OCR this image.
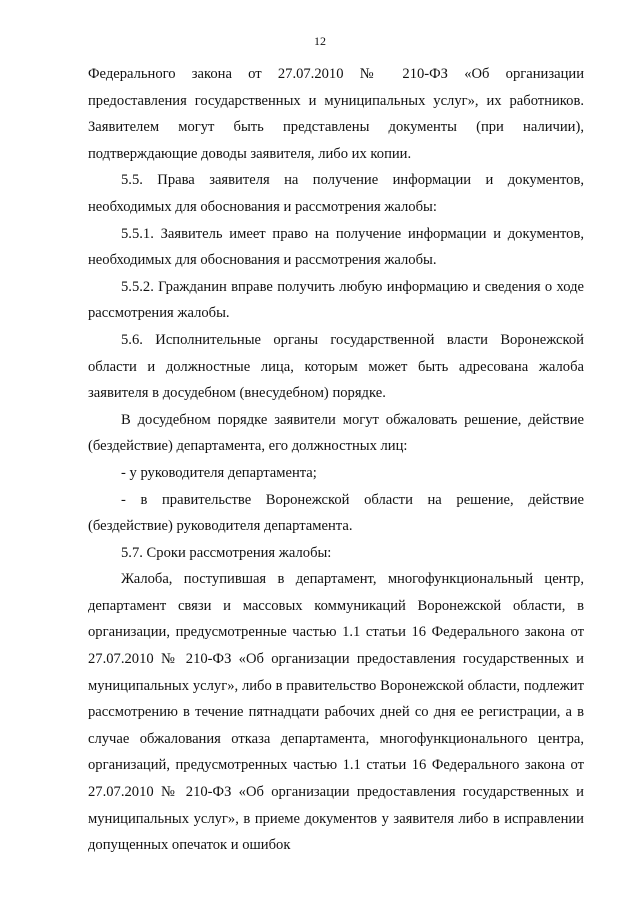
12

Федерального закона от 27.07.2010 № 210-ФЗ «Об организации предоставления государственных и муниципальных услуг», их работников. Заявителем могут быть представлены документы (при наличии), подтверждающие доводы заявителя, либо их копии.

5.5. Права заявителя на получение информации и документов, необходимых для обоснования и рассмотрения жалобы:

5.5.1. Заявитель имеет право на получение информации и документов, необходимых для обоснования и рассмотрения жалобы.

5.5.2. Гражданин вправе получить любую информацию и сведения о ходе рассмотрения жалобы.

5.6. Исполнительные органы государственной власти Воронежской области и должностные лица, которым может быть адресована жалоба заявителя в досудебном (внесудебном) порядке.

В досудебном порядке заявители могут обжаловать решение, действие (бездействие) департамента, его должностных лиц:

- у руководителя департамента;

- в правительстве Воронежской области на решение, действие (бездействие) руководителя департамента.

5.7. Сроки рассмотрения жалобы:

Жалоба, поступившая в департамент, многофункциональный центр, департамент связи и массовых коммуникаций Воронежской области, в организации, предусмотренные частью 1.1 статьи 16 Федерального закона от 27.07.2010 № 210-ФЗ «Об организации предоставления государственных и муниципальных услуг», либо в правительство Воронежской области, подлежит рассмотрению в течение пятнадцати рабочих дней со дня ее регистрации, а в случае обжалования отказа департамента, многофункционального центра, организаций, предусмотренных частью 1.1 статьи 16 Федерального закона от 27.07.2010 № 210-ФЗ «Об организации предоставления государственных и муниципальных услуг», в приеме документов у заявителя либо в исправлении допущенных опечаток и ошибок
